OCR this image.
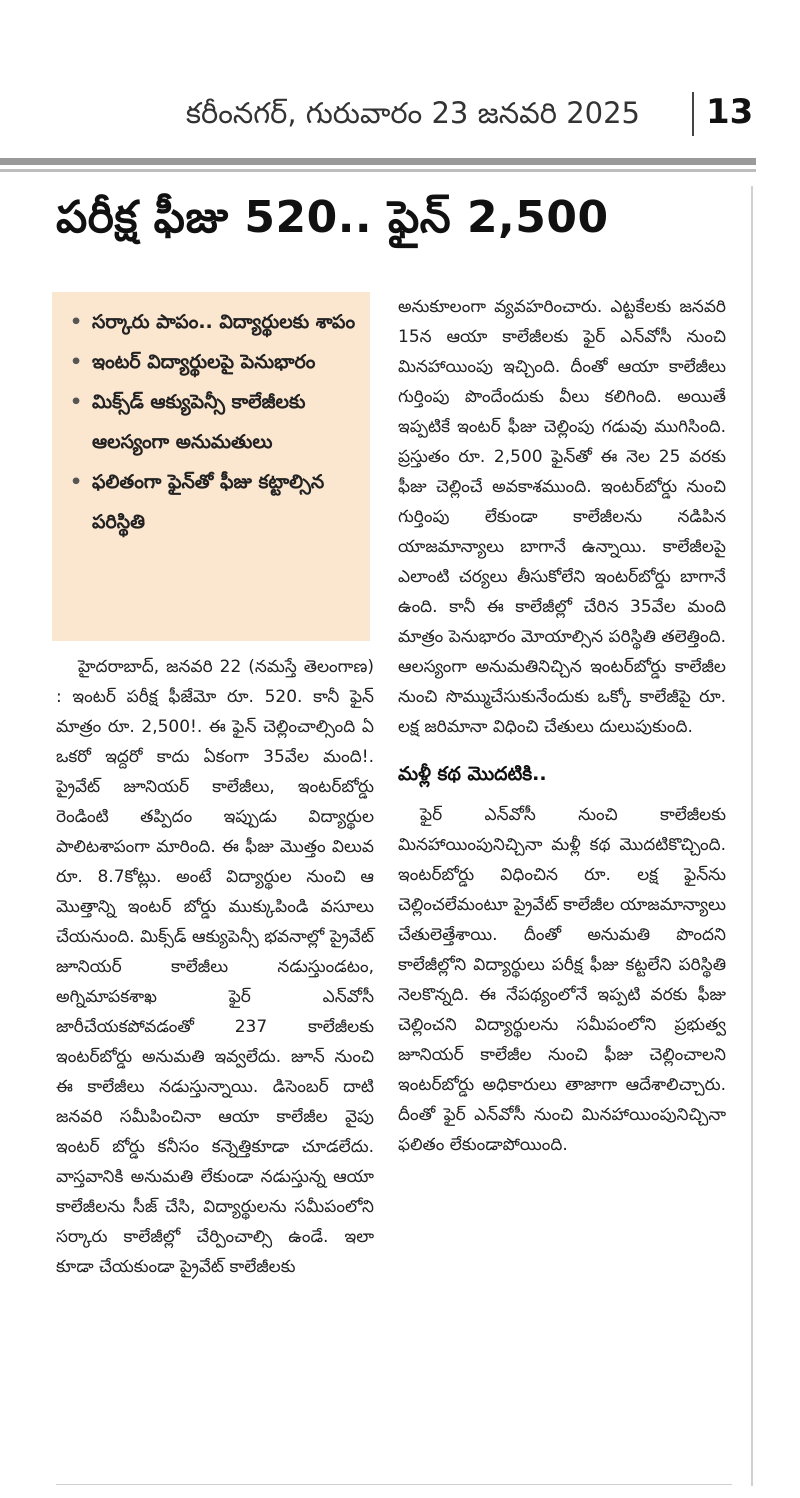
కరీంనగర్, గురువారం 23 జనవరి 2025 13
పరీక్ష ఫీజు 520.. ఫైన్ 2,500
• సర్కారు పాపం.. విద్యార్థులకు శాపం
• ఇంటర్ విద్యార్థులపై పెనుభారం
• మిక్స్‌డ్ ఆక్యుపెన్సీ కాలేజీలకు ఆలస్యంగా అనుమతులు
• ఫలితంగా ఫైన్‌తో ఫీజు కట్టాల్సిన పరిస్థితి

హైదరాబాద్, జనవరి 22 (నమస్తే తెలంగాణ) : ఇంటర్ పరీక్ష ఫీజేమో రూ. 520. కానీ ఫైన్ మాత్రం రూ. 2,500!. ఈ ఫైన్ చెల్లించాల్సింది ఏ ఒకరో ఇద్దరో కాదు ఏకంగా 35వేల మంది!. ప్రైవేట్ జూనియర్ కాలేజీలు, ఇంటర్‌బోర్డు రెండింటి తప్పిదం ఇప్పుడు విద్యార్థుల పాలిటశాపంగా మారింది. ఈ ఫీజు మొత్తం విలువ రూ. 8.7కోట్లు. అంటే విద్యార్థుల నుంచి ఆ మొత్తాన్ని ఇంటర్ బోర్డు ముక్కుపిండి వసూలు చేయనుంది. మిక్స్‌డ్ ఆక్యుపెన్సీ భవనాల్లో ప్రైవేట్ జూనియర్ కాలేజీలు నడుస్తుండటం, అగ్నిమాపకశాఖ ఫైర్ ఎన్‌వోసీ జారీచేయకపోవడంతో 237 కాలేజీలకు ఇంటర్‌బోర్డు అనుమతి ఇవ్వలేదు. జూన్ నుంచి ఈ కాలేజీలు నడుస్తున్నాయి. డిసెంబర్ దాటి జనవరి సమీపించినా ఆయా కాలేజీల వైపు ఇంటర్ బోర్డు కనీసం కన్నెత్తికూడా చూడలేదు. వాస్తవానికి అనుమతి లేకుండా నడుస్తున్న ఆయా కాలేజీలను సీజ్ చేసి, విద్యార్థులను సమీపంలోని సర్కారు కాలేజీల్లో చేర్పించాల్సి ఉండే. ఇలా కూడా చేయకుండా ప్రైవేట్ కాలేజీలకు

అనుకూలంగా వ్యవహరించారు. ఎట్టకేలకు జనవరి 15న ఆయా కాలేజీలకు ఫైర్ ఎన్‌వోసీ నుంచి మినహాయింపు ఇచ్చింది. దీంతో ఆయా కాలేజీలు గుర్తింపు పొందేందుకు వీలు కలిగింది. అయితే ఇప్పటికే ఇంటర్ ఫీజు చెల్లింపు గడువు ముగిసింది. ప్రస్తుతం రూ. 2,500 ఫైన్‌తో ఈ నెల 25 వరకు ఫీజు చెల్లించే అవకాశముంది. ఇంటర్‌బోర్డు నుంచి గుర్తింపు లేకుండా కాలేజీలను నడిపిన యాజమాన్యాలు బాగానే ఉన్నాయి. కాలేజీలపై ఎలాంటి చర్యలు తీసుకోలేని ఇంటర్‌బోర్డు బాగానే ఉంది. కానీ ఈ కాలేజీల్లో చేరిన 35వేల మంది మాత్రం పెనుభారం మోయాల్సిన పరిస్థితి తలెత్తింది. ఆలస్యంగా అనుమతినిచ్చిన ఇంటర్‌బోర్డు కాలేజీల నుంచి సొమ్ముచేసుకునేందుకు ఒక్కో కాలేజీపై రూ. లక్ష జరిమానా విధించి చేతులు దులుపుకుంది.

మళ్లీ కథ మొదటికి..

ఫైర్ ఎన్‌వోసీ నుంచి కాలేజీలకు మినహాయింపునిచ్చినా మళ్లీ కథ మొదటికొచ్చింది. ఇంటర్‌బోర్డు విధించిన రూ. లక్ష ఫైన్‌ను చెల్లించలేమంటూ ప్రైవేట్ కాలేజీల యాజమాన్యాలు చేతులెత్తేశాయి. దీంతో అనుమతి పొందని కాలేజీల్లోని విద్యార్థులు పరీక్ష ఫీజు కట్టలేని పరిస్థితి నెలకొన్నది. ఈ నేపథ్యంలోనే ఇప్పటి వరకు ఫీజు చెల్లించని విద్యార్థులను సమీపంలోని ప్రభుత్వ జూనియర్ కాలేజీల నుంచి ఫీజు చెల్లించాలని ఇంటర్‌బోర్డు అధికారులు తాజాగా ఆదేశాలిచ్చారు. దీంతో ఫైర్ ఎన్‌వోసీ నుంచి మినహాయింపునిచ్చినా ఫలితం లేకుండాపోయింది.
